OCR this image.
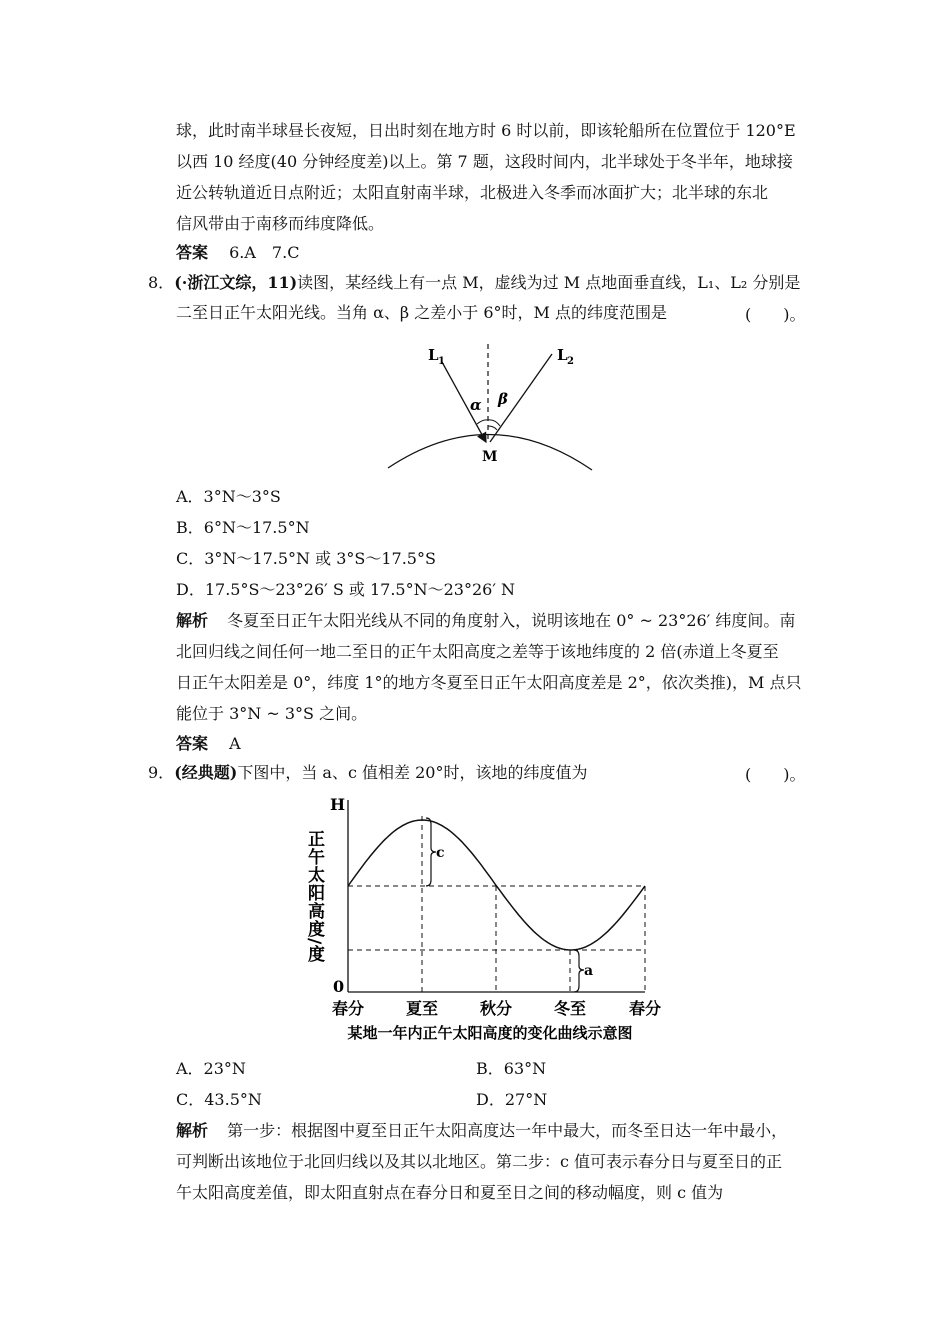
球，此时南半球昼长夜短，日出时刻在地方时 6 时以前，即该轮船所在位置位于 120°E
以西 10 经度(40 分钟经度差)以上。第 7 题，这段时间内，北半球处于冬半年，地球接
近公转轨道近日点附近；太阳直射南半球，北极进入冬季而冰面扩大；北半球的东北
信风带由于南移而纬度降低。
答案 6.A　7.C
8．(·浙江文综，11)读图，某经线上有一点 M，虚线为过 M 点地面垂直线，L₁、L₂ 分别是
二至日正午太阳光线。当角 α、β 之差小于 6°时，M 点的纬度范围是	(　　)。
L 1	L 2
α β
M
A．3°N～3°S
B．6°N～17.5°N
C．3°N～17.5°N 或 3°S～17.5°S
D．17.5°S～23°26′ S 或 17.5°N～23°26′ N
解析 冬夏至日正午太阳光线从不同的角度射入，说明该地在 0° ~ 23°26′ 纬度间。南
北回归线之间任何一地二至日的正午太阳高度之差等于该地纬度的 2 倍(赤道上冬夏至
日正午太阳差是 0°，纬度 1°的地方冬夏至日正午太阳高度差是 2°，依次类推)，M 点只
能位于 3°N ~ 3°S 之间。
答案 A
9．(经典题)下图中，当 a、c 值相差 20°时，该地的纬度值为	(　　)。
H
0
正午太阳高度/度	c
a
春分	夏至	秋分	冬至	春分
某地一年内正午太阳高度的变化曲线示意图
A．23°N	B．63°N
C．43.5°N	D．27°N
解析 第一步：根据图中夏至日正午太阳高度达一年中最大，而冬至日达一年中最小，
可判断出该地位于北回归线以及其以北地区。第二步：c 值可表示春分日与夏至日的正
午太阳高度差值，即太阳直射点在春分日和夏至日之间的移动幅度，则 c 值为
